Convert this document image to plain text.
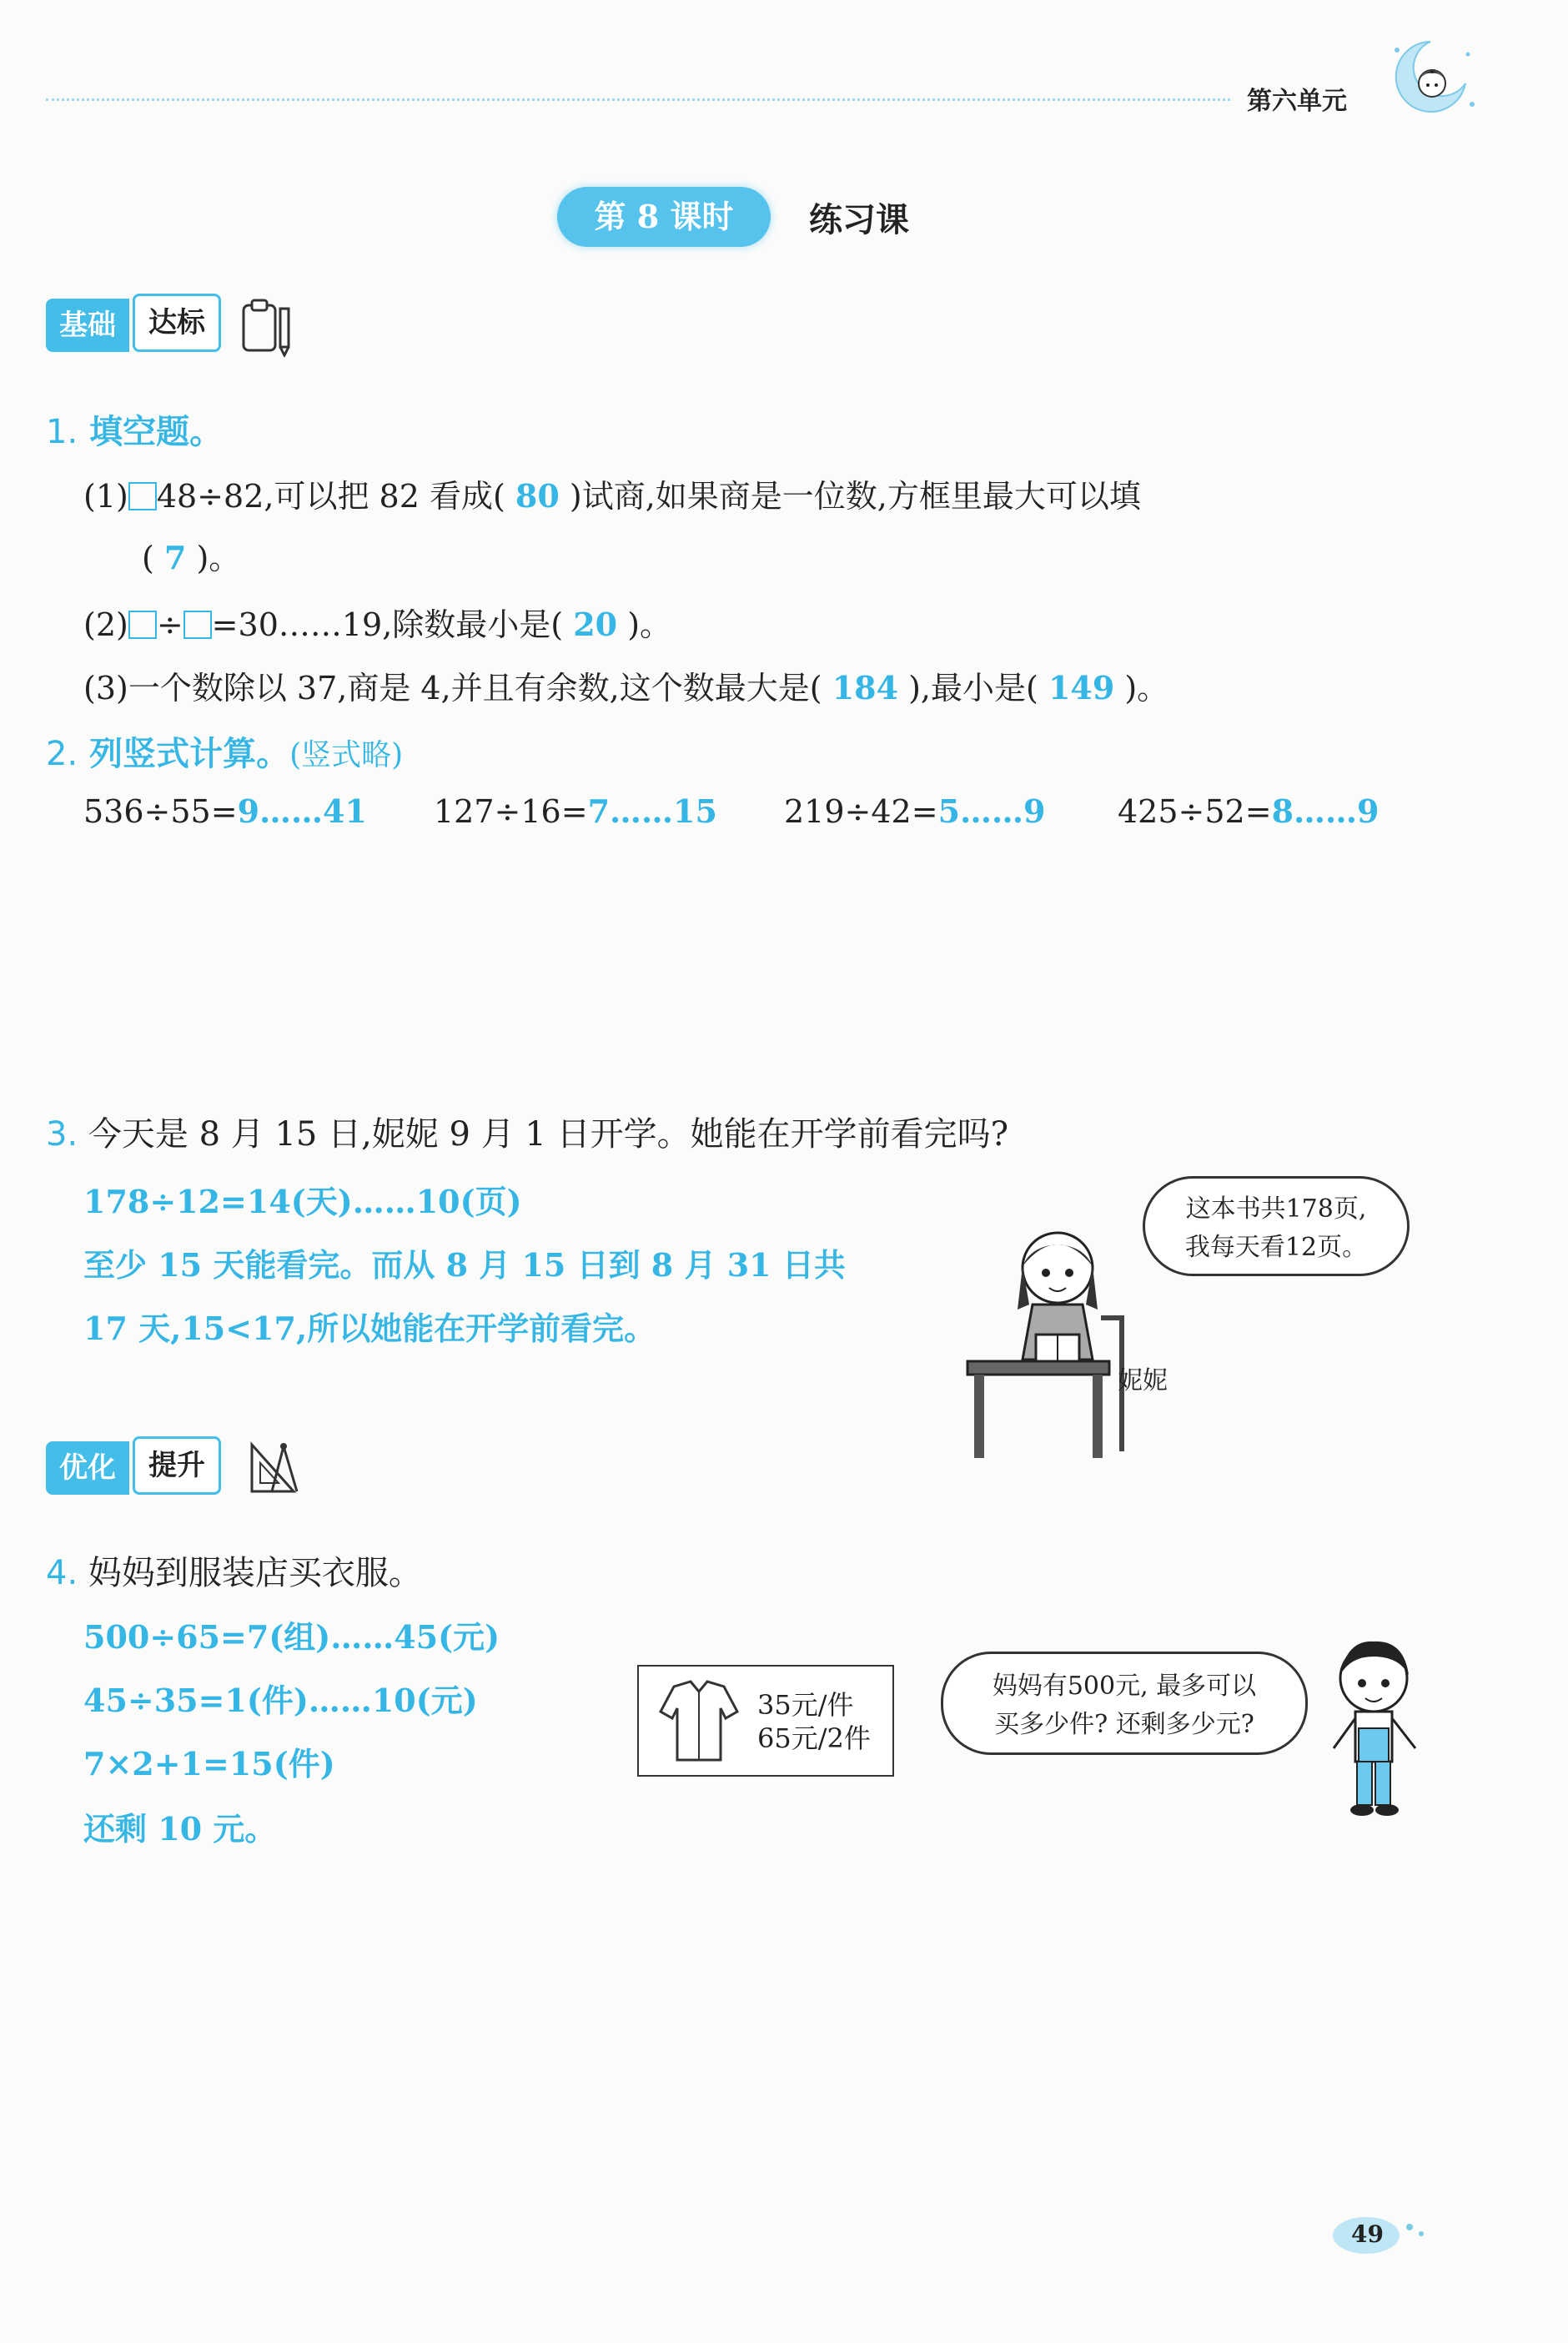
第六单元
第 8 课时	练习课
基础	达标
1. 填空题。
(1) 48÷82,可以把 82 看成( 80 )试商,如果商是一位数,方框里最大可以填
( 7 )。
(2) ÷ =30……19,除数最小是( 20 )。
(3)一个数除以 37,商是 4,并且有余数,这个数最大是( 184 ),最小是( 149 )。
2. 列竖式计算。(竖式略)
536÷55=9……41 127÷16=7……15 219÷42=5……9 425÷52=8……9
3. 今天是 8 月 15 日,妮妮 9 月 1 日开学。她能在开学前看完吗?
178÷12=14(天)……10(页)
至少 15 天能看完。而从 8 月 15 日到 8 月 31 日共
17 天,15<17,所以她能在开学前看完。
这本书共178页,
我每天看12页。
妮妮
优化	提升
4. 妈妈到服装店买衣服。
500÷65=7(组)……45(元)
45÷35=1(件)……10(元)
7×2+1=15(件)
还剩 10 元。
35元/件
65元/2件
妈妈有500元, 最多可以
买多少件? 还剩多少元?
49
